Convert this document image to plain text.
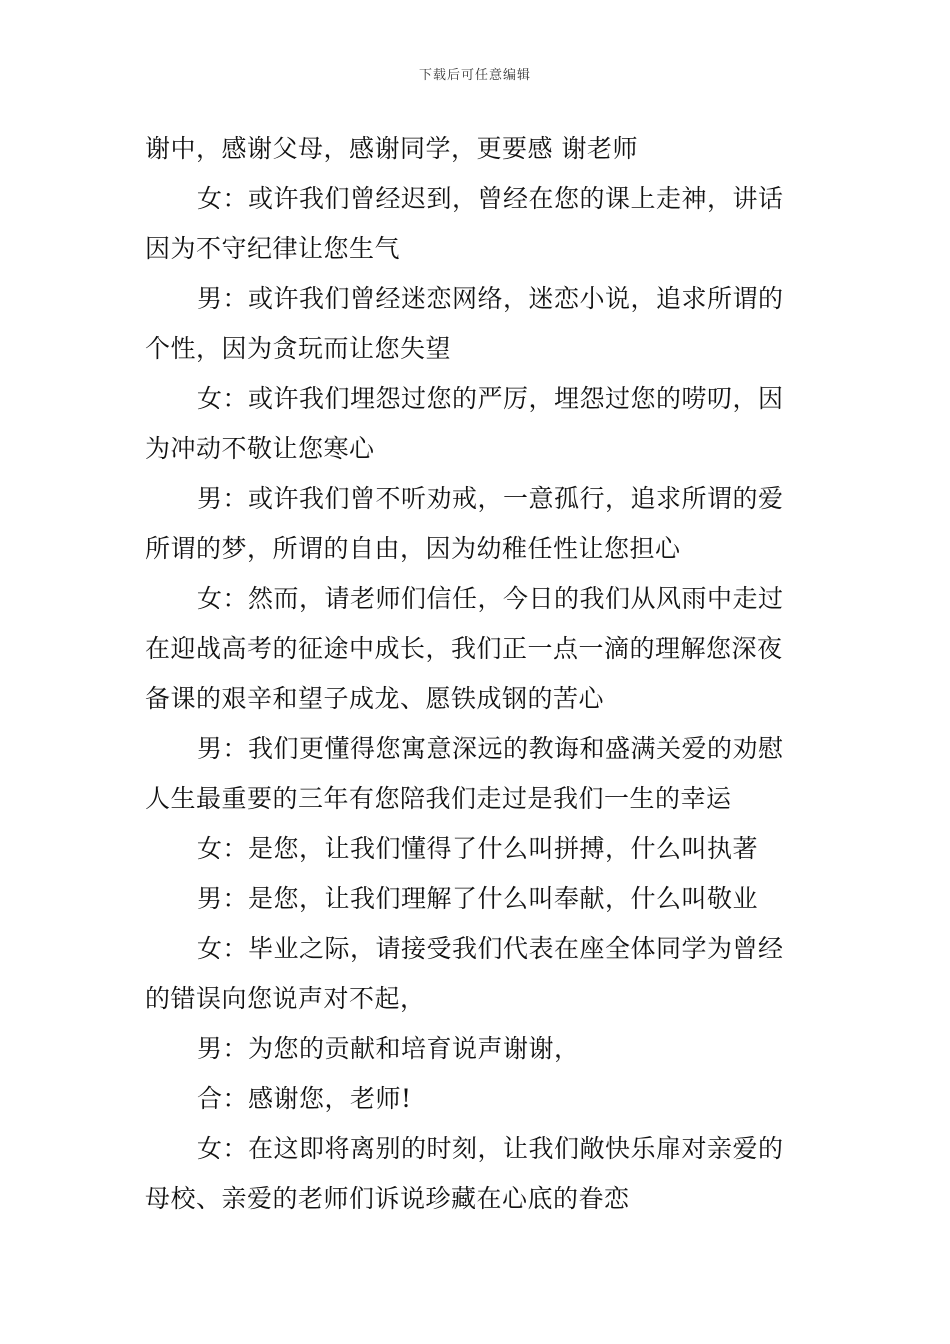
下载后可任意编辑
谢中，感谢父母，感谢同学，更要感 谢老师
女：或许我们曾经迟到，曾经在您的课上走神，讲话
因为不守纪律让您生气
男：或许我们曾经迷恋网络，迷恋小说，追求所谓的
个性，因为贪玩而让您失望
女：或许我们埋怨过您的严厉，埋怨过您的唠叨，因
为冲动不敬让您寒心
男：或许我们曾不听劝戒，一意孤行，追求所谓的爱
所谓的梦，所谓的自由，因为幼稚任性让您担心
女：然而，请老师们信任，今日的我们从风雨中走过
在迎战高考的征途中成长，我们正一点一滴的理解您深夜
备课的艰辛和望子成龙、愿铁成钢的苦心
男：我们更懂得您寓意深远的教诲和盛满关爱的劝慰
人生最重要的三年有您陪我们走过是我们一生的幸运
女：是您，让我们懂得了什么叫拼搏，什么叫执著
男：是您，让我们理解了什么叫奉献，什么叫敬业
女：毕业之际，请接受我们代表在座全体同学为曾经
的错误向您说声对不起，
男：为您的贡献和培育说声谢谢，
合：感谢您，老师!
女：在这即将离别的时刻，让我们敞快乐扉对亲爱的
母校、亲爱的老师们诉说珍藏在心底的眷恋
